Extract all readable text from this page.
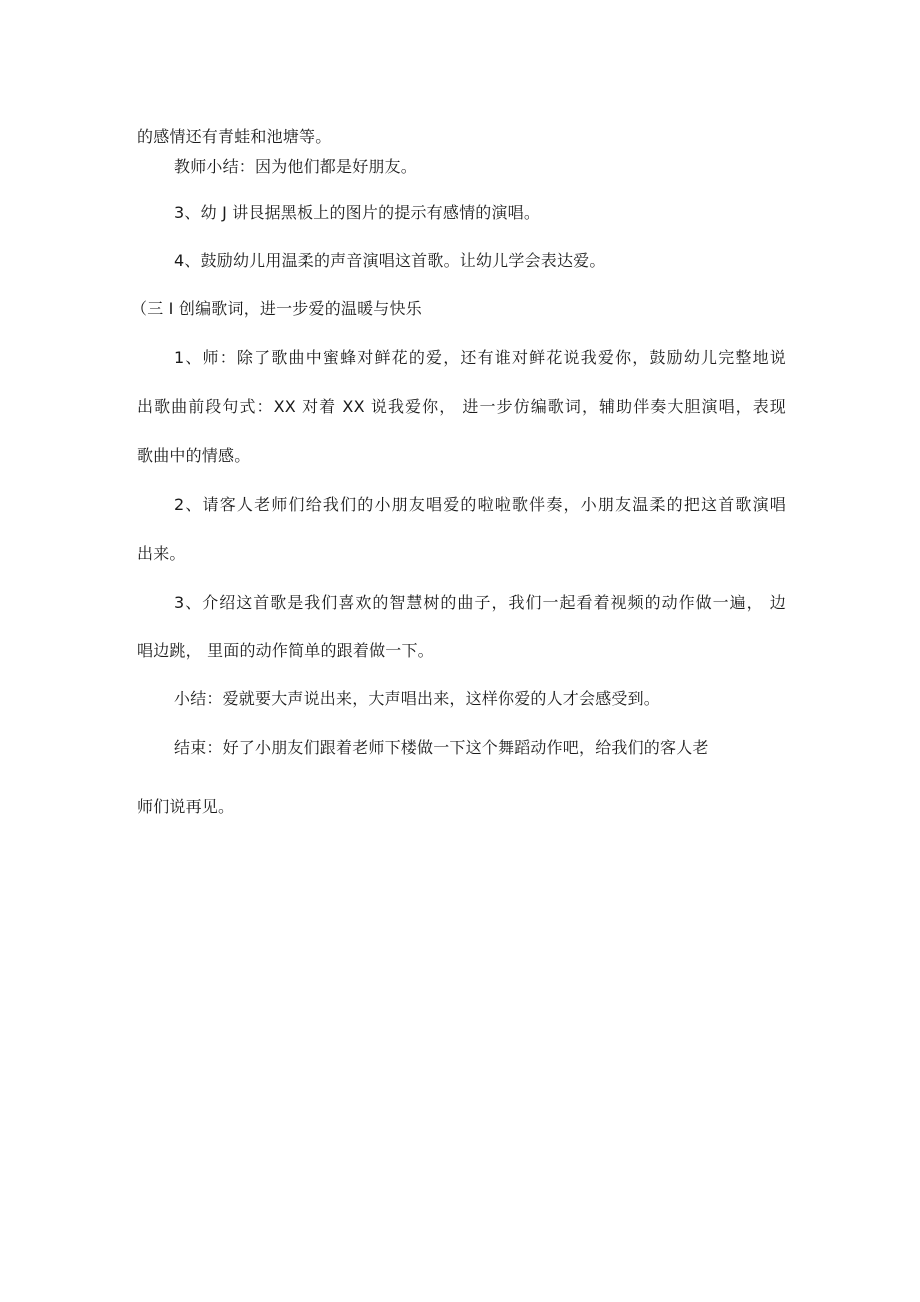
的感情还有青蛙和池塘等。
教师小结：因为他们都是好朋友。
3、幼 J 讲艮据黑板上的图片的提示有感情的演唱。
4、鼓励幼儿用温柔的声音演唱这首歌。让幼儿学会表达爱。
（三 I 创编歌词，进一步爱的温暖与快乐
1、师：除了歌曲中蜜蜂对鲜花的爱，还有谁对鲜花说我爱你，鼓励幼儿完整地说
出歌曲前段句式：XX 对着 XX 说我爱你， 进一步仿编歌词，辅助伴奏大胆演唱，表现
歌曲中的情感。
2、请客人老师们给我们的小朋友唱爱的啦啦歌伴奏，小朋友温柔的把这首歌演唱
出来。
3、介绍这首歌是我们喜欢的智慧树的曲子，我们一起看着视频的动作做一遍， 边
唱边跳， 里面的动作简单的跟着做一下。
小结：爱就要大声说出来，大声唱出来，这样你爱的人才会感受到。
结束：好了小朋友们跟着老师下楼做一下这个舞蹈动作吧，给我们的客人老
师们说再见。
